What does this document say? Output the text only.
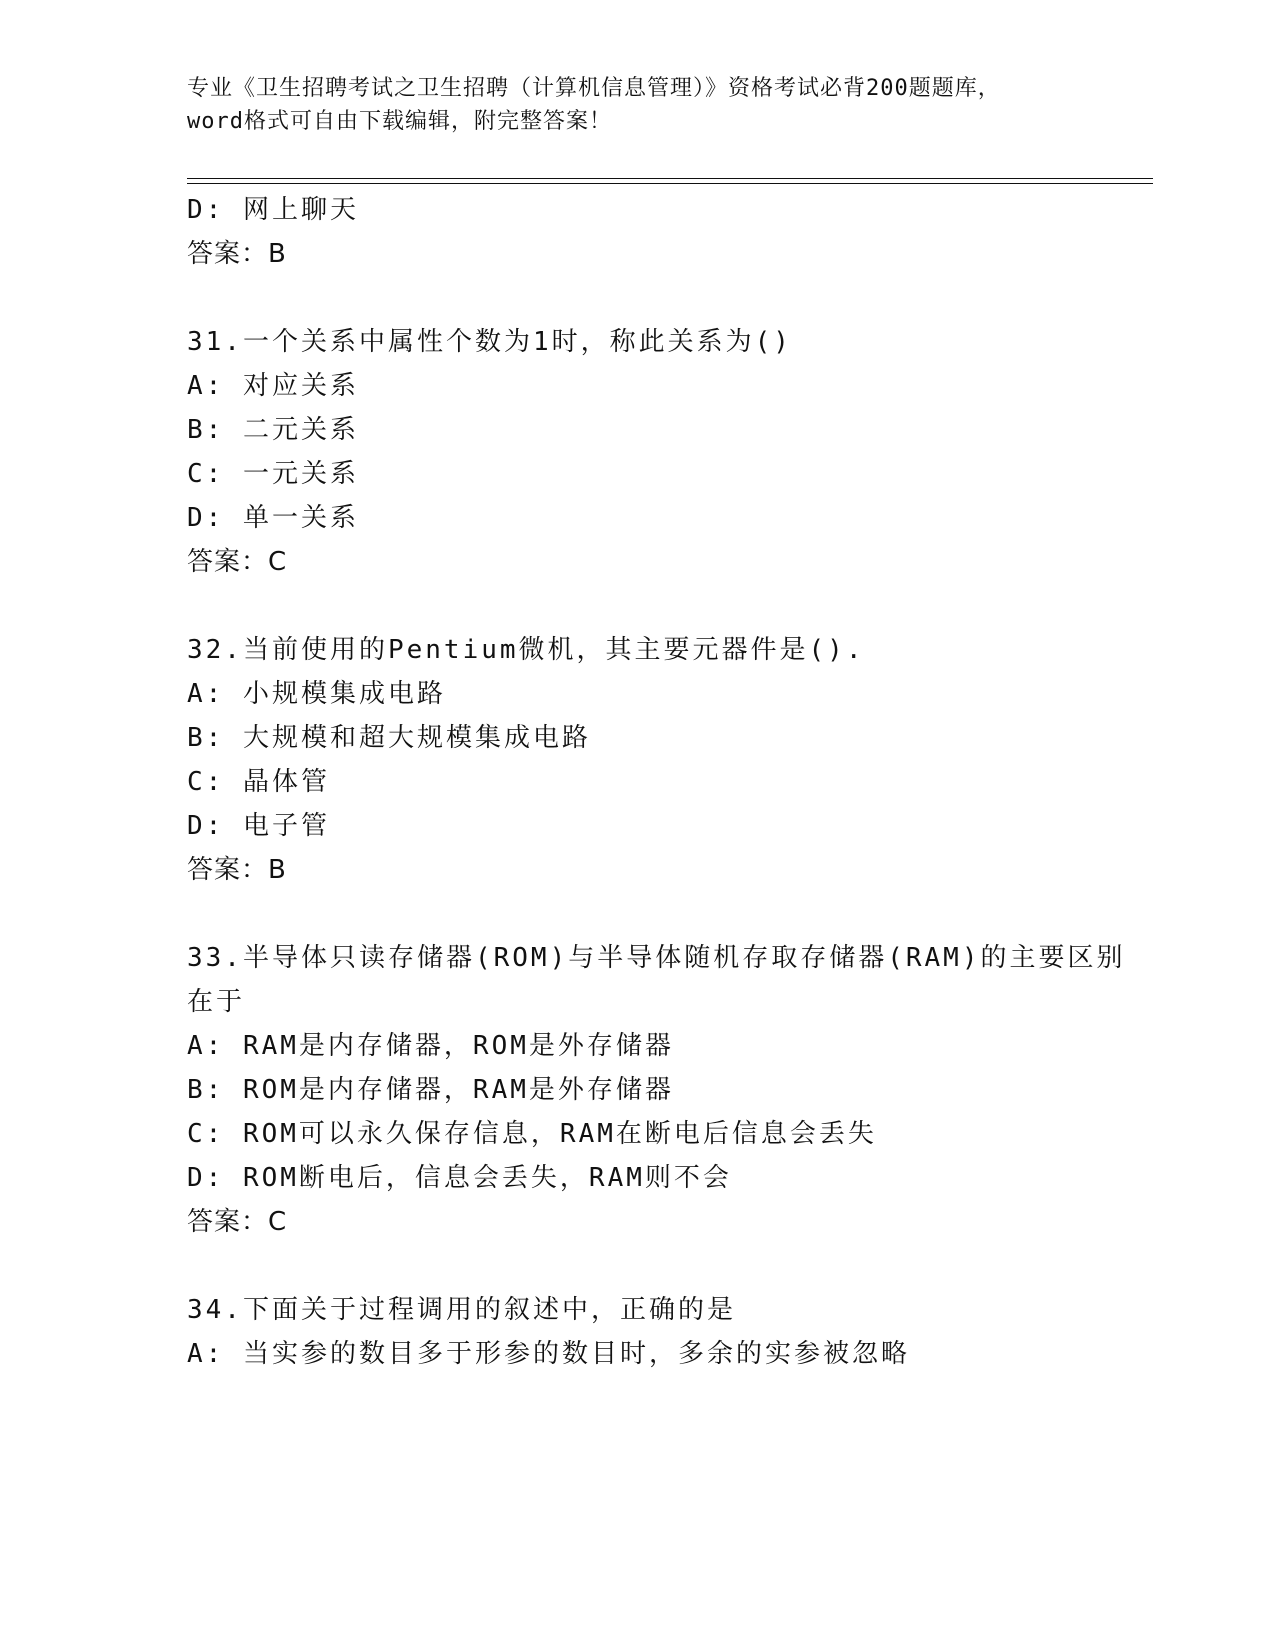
专业《卫生招聘考试之卫生招聘（计算机信息管理）》资格考试必背200题题库，
word格式可自由下载编辑，附完整答案！
D: 网上聊天
答案：B
31.一个关系中属性个数为1时，称此关系为()
A: 对应关系
B: 二元关系
C: 一元关系
D: 单一关系
答案：C
32.当前使用的Pentium微机，其主要元器件是().
A: 小规模集成电路
B: 大规模和超大规模集成电路
C: 晶体管
D: 电子管
答案：B
33.半导体只读存储器(ROM)与半导体随机存取存储器(RAM)的主要区别
在于
A: RAM是内存储器，ROM是外存储器
B: ROM是内存储器，RAM是外存储器
C: ROM可以永久保存信息，RAM在断电后信息会丢失
D: ROM断电后，信息会丢失，RAM则不会
答案：C
34.下面关于过程调用的叙述中，正确的是
A: 当实参的数目多于形参的数目时，多余的实参被忽略
